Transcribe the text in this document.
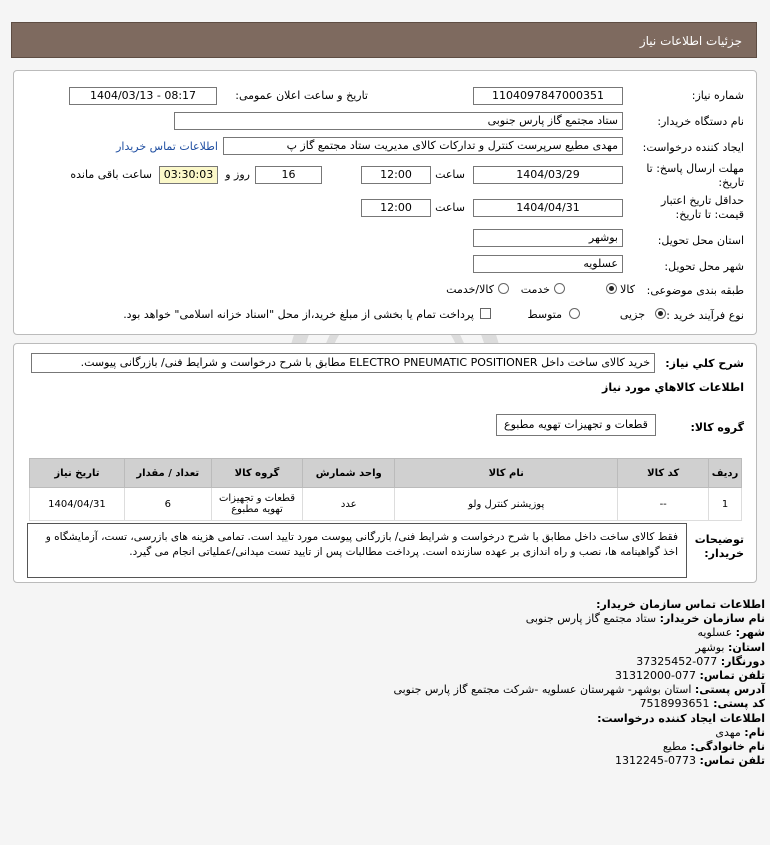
جزئیات اطلاعات نیاز
شماره نیاز:
1104097847000351
تاریخ و ساعت اعلان عمومی:
1404/03/13 - 08:17
نام دستگاه خریدار:
ستاد مجتمع گاز پارس جنوبی
ایجاد کننده درخواست:
مهدی مطیع سرپرست کنترل و تدارکات کالای مدیریت ستاد مجتمع گاز پ
اطلاعات تماس خریدار
مهلت ارسال پاسخ: تا تاریخ:
1404/03/29
ساعت
12:00
16
روز و
03:30:03
ساعت باقی مانده
حداقل تاریخ اعتبار قیمت: تا تاریخ:
1404/04/31
ساعت
12:00
استان محل تحویل:
بوشهر
شهر محل تحویل:
عسلویه
طبقه بندی موضوعی:
کالا
خدمت
کالا/خدمت
نوع فرآیند خرید :
جزیی
متوسط
پرداخت تمام یا بخشی از مبلغ خرید،از محل "اسناد خزانه اسلامی" خواهد بود.
شرح كلي نياز:
خرید کالای ساخت داخل ELECTRO PNEUMATIC POSITIONER مطابق با شرح درخواست و شرایط فنی/ بازرگانی پیوست.
اطلاعات كالاهاي مورد نياز
گروه كالا:
قطعات و تجهیزات تهویه مطبوع
ردیف	کد کالا	نام کالا	واحد شمارش	گروه کالا	تعداد / مقدار	تاریخ نیاز
1	--	پوزیشنر کنترل ولو	عدد	قطعات و تجهیزات تهویه مطبوع	6	1404/04/31
توضیحات خریدار:
فقط کالای ساخت داخل مطابق با شرح درخواست و شرایط فنی/ بازرگانی پیوست مورد تایید است. تمامی هزینه های بازرسی، تست، آزمایشگاه و اخذ گواهینامه ها، نصب و راه اندازی بر عهده سازنده است. پرداخت مطالبات پس از تایید تست میدانی/عملیاتی انجام می گیرد.
اطلاعات تماس سازمان خریدار:
نام سازمان خریدار: ستاد مجتمع گاز پارس جنوبی
شهر: عسلویه
استان: بوشهر
دورنگار: 077-37325452
تلفن تماس: 077-31312000
آدرس پستی: استان بوشهر- شهرستان عسلویه -شرکت مجتمع گاز پارس جنوبی
کد پستی: 7518993651
اطلاعات ایجاد کننده درخواست:
نام: مهدی
نام خانوادگی: مطیع
تلفن تماس: 0773-1312245
